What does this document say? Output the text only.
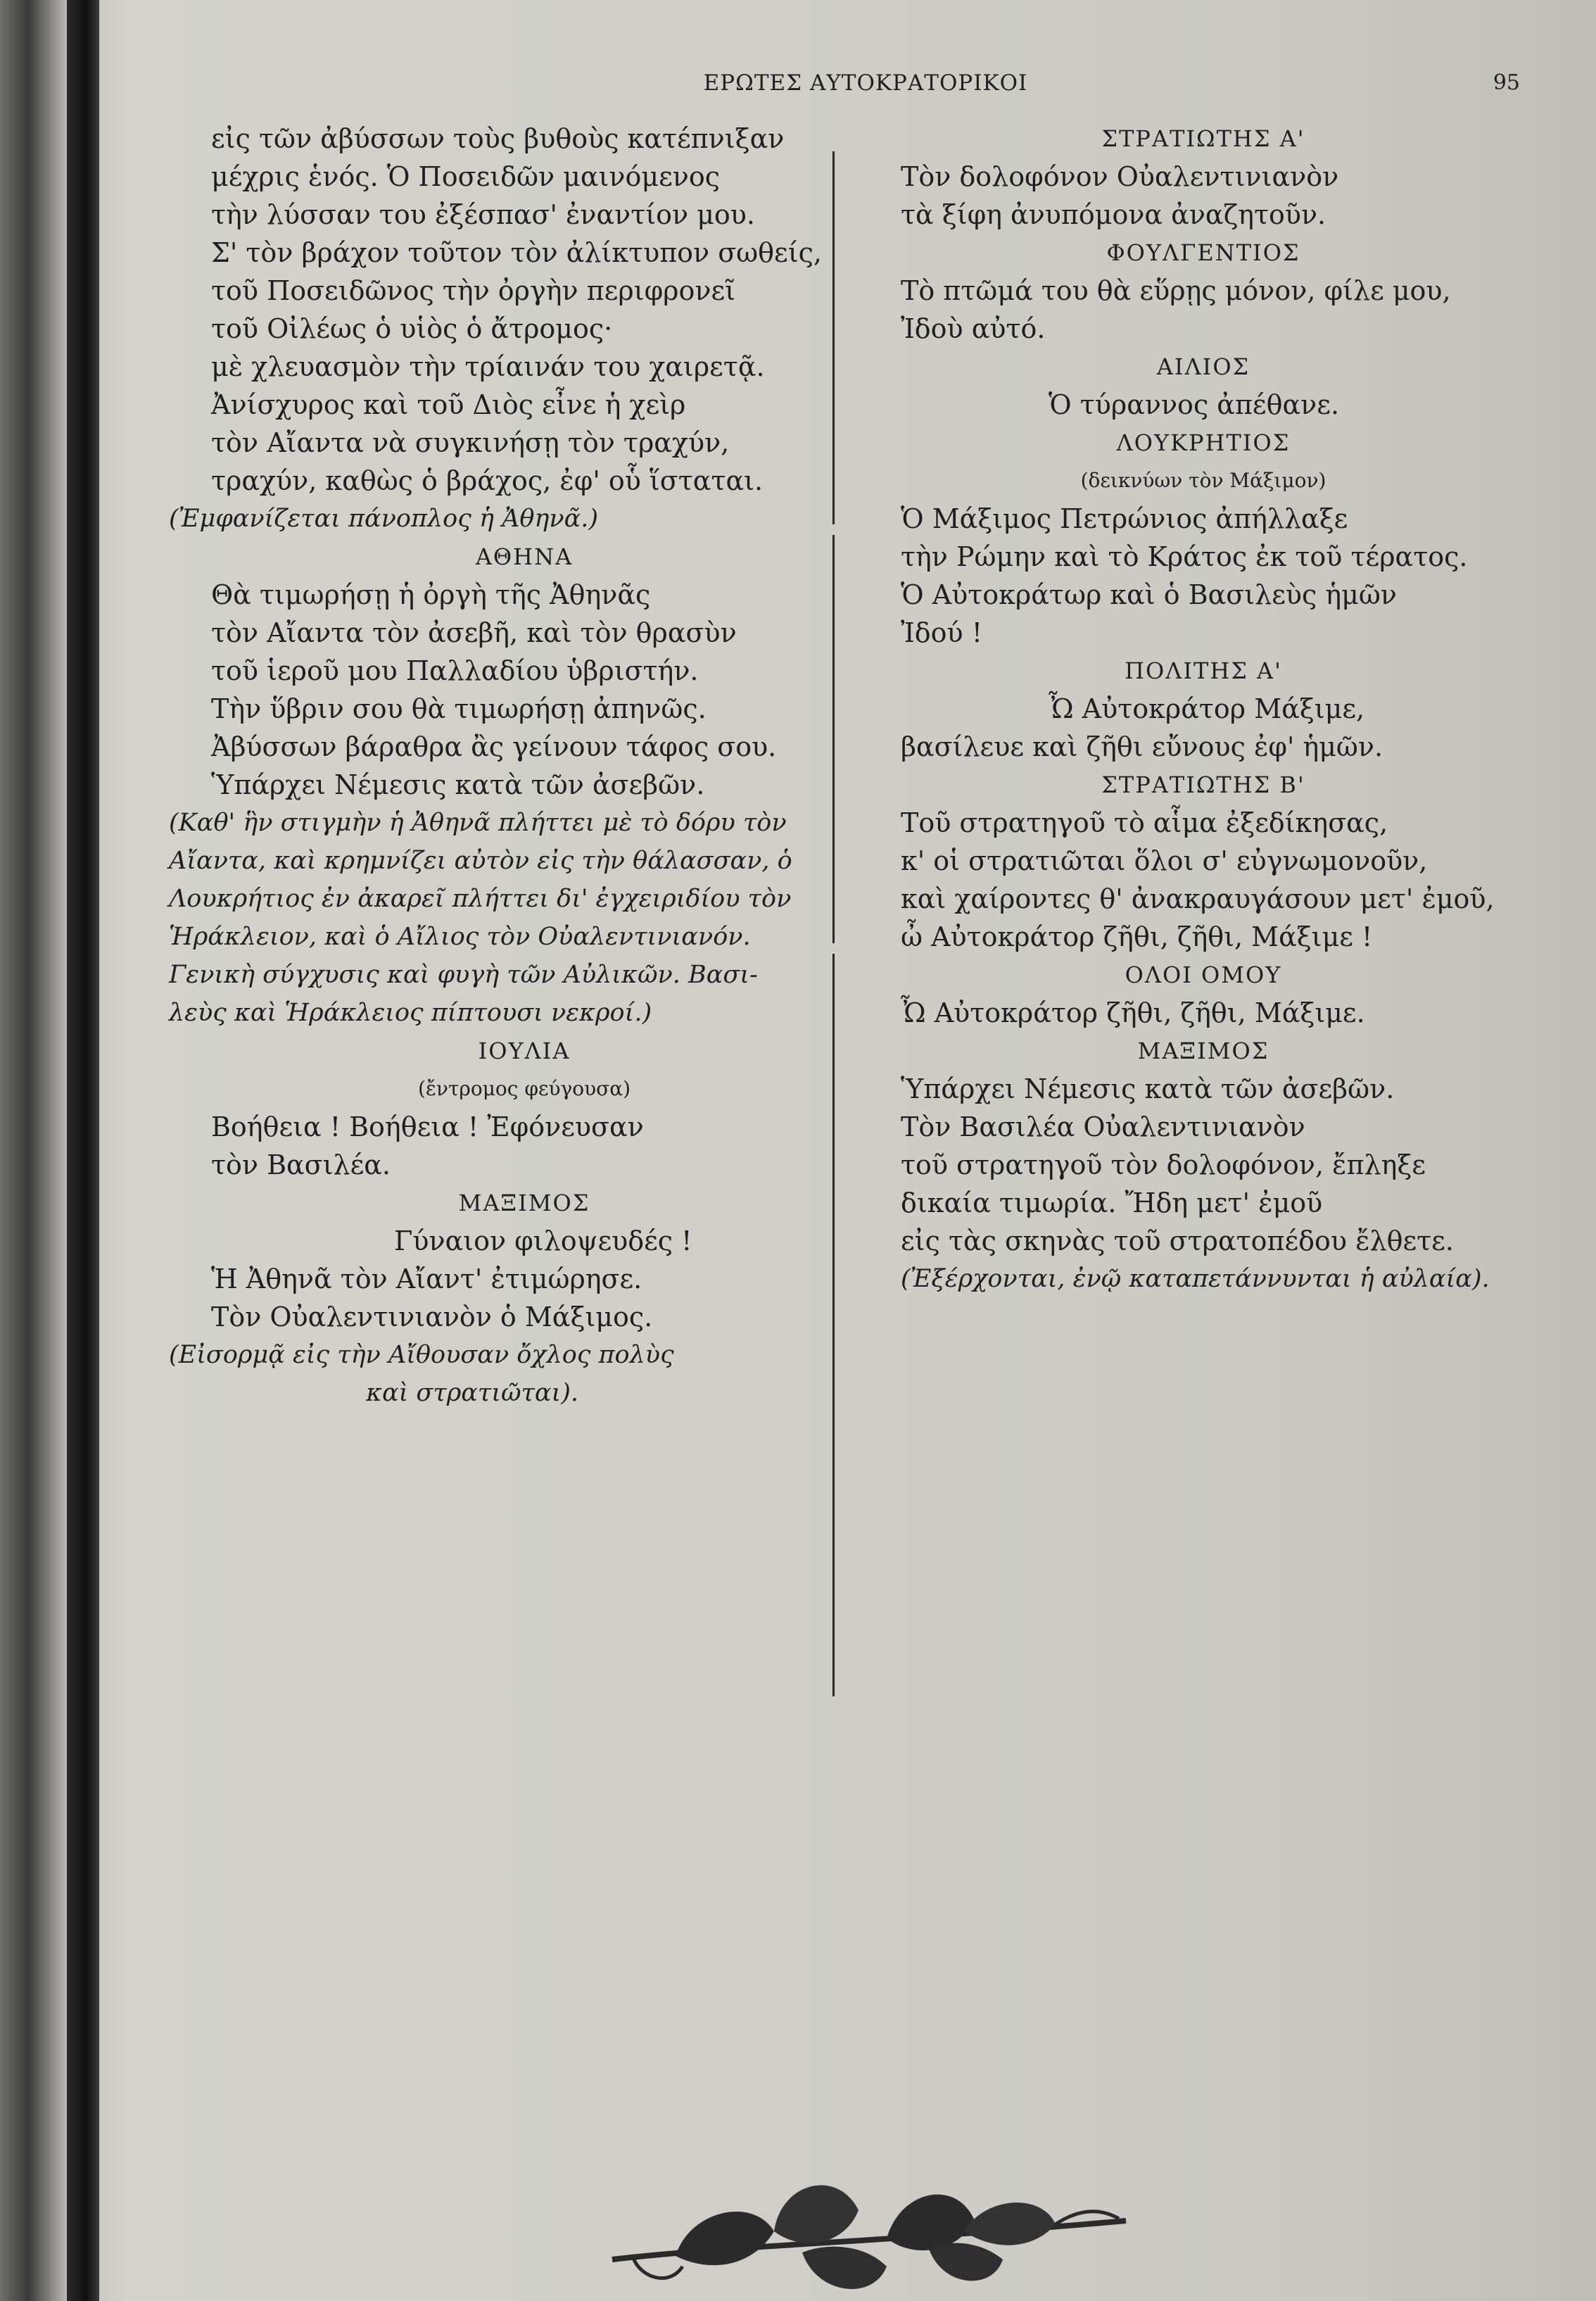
ΕΡΩΤΕΣ ΑΥΤΟΚΡΑΤΟΡΙΚΟΙ	95
εἰς τῶν ἀβύσσων τοὺς βυθοὺς κατέπνιξαν
μέχρις ἑνός. Ὁ Ποσειδῶν μαινόμενος
τὴν λύσσαν του ἐξέσπασ' ἐναντίον μου.
Σ' τὸν βράχον τοῦτον τὸν ἀλίκτυπον σωθείς,
τοῦ Ποσειδῶνος τὴν ὀργὴν περιφρονεῖ
τοῦ Οἰλέως ὁ υἱὸς ὁ ἄτρομος·
μὲ χλευασμὸν τὴν τρίαινάν του χαιρετᾷ.
Ἀνίσχυρος καὶ τοῦ Διὸς εἶνε ἡ χεὶρ
τὸν Αἴαντα νὰ συγκινήσῃ τὸν τραχύν,
τραχύν, καθὼς ὁ βράχος, ἐφ' οὗ ἵσταται.
(Ἐμφανίζεται πάνοπλος ἡ Ἀθηνᾶ.)
ΑΘΗΝΑ
Θὰ τιμωρήσῃ ἡ ὀργὴ τῆς Ἀθηνᾶς
τὸν Αἴαντα τὸν ἀσεβῆ, καὶ τὸν θρασὺν
τοῦ ἱεροῦ μου Παλλαδίου ὑβριστήν.
Τὴν ὕβριν σου θὰ τιμωρήσῃ ἀπηνῶς.
Ἀβύσσων βάραθρα ἂς γείνουν τάφος σου.
Ὑπάρχει Νέμεσις κατὰ τῶν ἀσεβῶν.
(Καθ' ἣν στιγμὴν ἡ Ἀθηνᾶ πλήττει μὲ τὸ δόρυ τὸν
Αἴαντα, καὶ κρημνίζει αὐτὸν εἰς τὴν θάλασσαν, ὁ
Λουκρήτιος ἐν ἀκαρεῖ πλήττει δι' ἐγχειριδίου τὸν
Ἡράκλειον, καὶ ὁ Αἴλιος τὸν Οὐαλεντινιανόν.
Γενικὴ σύγχυσις καὶ φυγὴ τῶν Αὐλικῶν. Βασι-
λεὺς καὶ Ἡράκλειος πίπτουσι νεκροί.)
ΙΟΥΛΙΑ
(ἔντρομος φεύγουσα)
Βοήθεια ! Βοήθεια ! Ἐφόνευσαν
τὸν Βασιλέα.
ΜΑΞΙΜΟΣ
Γύναιον φιλοψευδές !
Ἡ Ἀθηνᾶ τὸν Αἴαντ' ἐτιμώρησε.
Τὸν Οὐαλεντινιανὸν ὁ Μάξιμος.
(Εἰσορμᾷ εἰς τὴν Αἴθουσαν ὄχλος πολὺς
καὶ στρατιῶται).
ΣΤΡΑΤΙΩΤΗΣ Α'
Τὸν δολοφόνον Οὐαλεντινιανὸν
τὰ ξίφη ἀνυπόμονα ἀναζητοῦν.
ΦΟΥΛΓΕΝΤΙΟΣ
Τὸ πτῶμά του θὰ εὕρῃς μόνον, φίλε μου,
Ἰδοὺ αὐτό.
ΑΙΛΙΟΣ
Ὁ τύραννος ἀπέθανε.
ΛΟΥΚΡΗΤΙΟΣ
(δεικνύων τὸν Μάξιμον)
Ὁ Μάξιμος Πετρώνιος ἀπήλλαξε
τὴν Ρώμην καὶ τὸ Κράτος ἐκ τοῦ τέρατος.
Ὁ Αὐτοκράτωρ καὶ ὁ Βασιλεὺς ἡμῶν
Ἰδού !
ΠΟΛΙΤΗΣ Α'
Ὦ Αὐτοκράτορ Μάξιμε,
βασίλευε καὶ ζῆθι εὔνους ἐφ' ἡμῶν.
ΣΤΡΑΤΙΩΤΗΣ Β'
Τοῦ στρατηγοῦ τὸ αἷμα ἐξεδίκησας,
κ' οἱ στρατιῶται ὅλοι σ' εὐγνωμονοῦν,
καὶ χαίροντες θ' ἀνακραυγάσουν μετ' ἐμοῦ,
ὦ Αὐτοκράτορ ζῆθι, ζῆθι, Μάξιμε !
ΟΛΟΙ ΟΜΟΥ
Ὦ Αὐτοκράτορ ζῆθι, ζῆθι, Μάξιμε.
ΜΑΞΙΜΟΣ
Ὑπάρχει Νέμεσις κατὰ τῶν ἀσεβῶν.
Τὸν Βασιλέα Οὐαλεντινιανὸν
τοῦ στρατηγοῦ τὸν δολοφόνον, ἔπληξε
δικαία τιμωρία. Ἤδη μετ' ἐμοῦ
εἰς τὰς σκηνὰς τοῦ στρατοπέδου ἔλθετε.
(Ἐξέρχονται, ἐνῷ καταπετάννυνται ἡ αὐλαία).
